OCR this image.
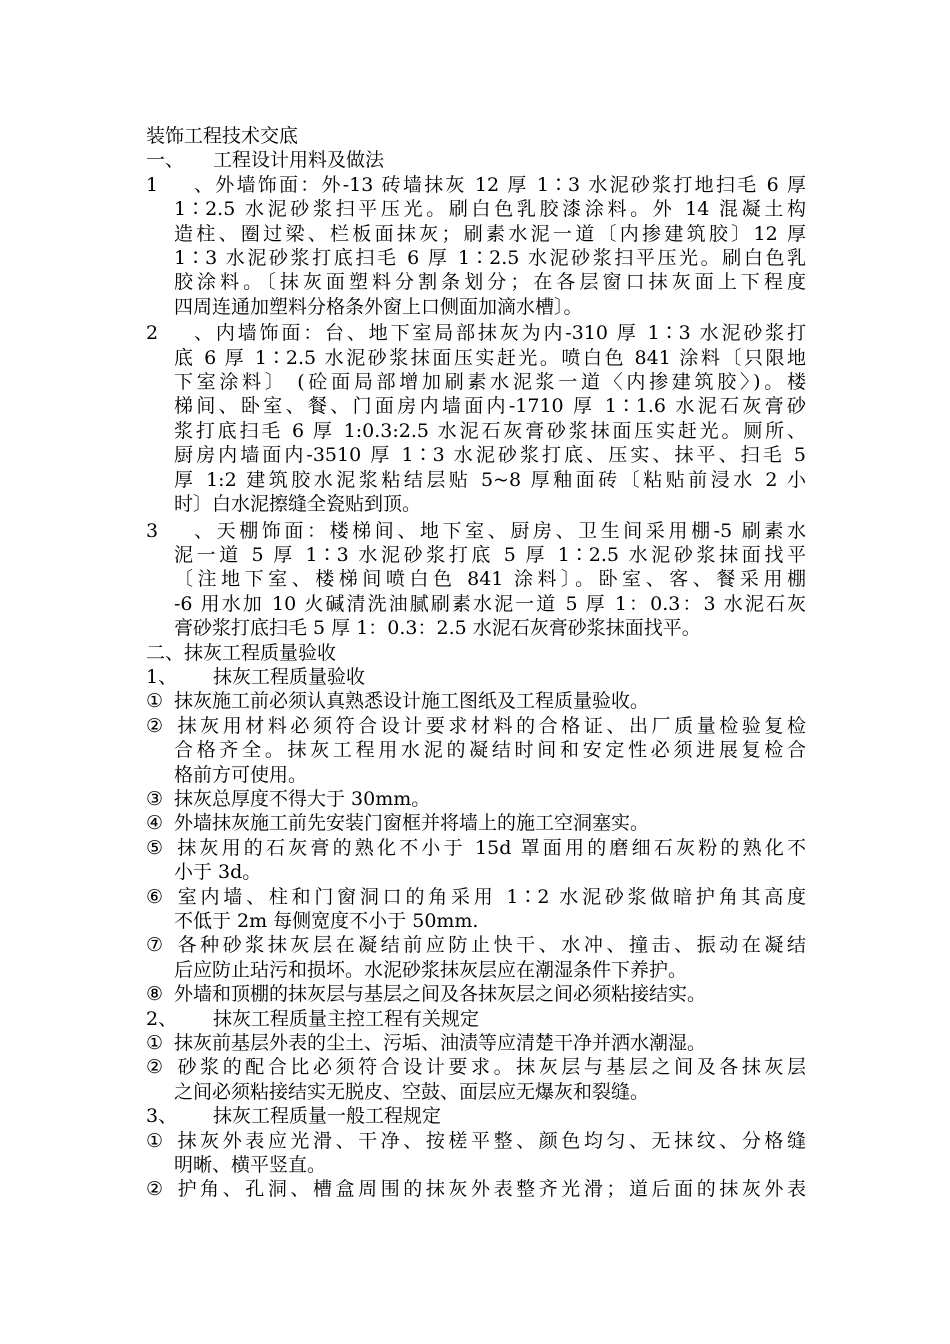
装饰工程技术交底
一、 工程设计用料及做法
1、外墙饰面：外-13 砖墙抹灰 12 厚 1∶3 水泥砂浆打地扫毛 6 厚
1∶2.5 水泥砂浆扫平压光。刷白色乳胶漆涂料。外 14 混凝土构
造柱、圈过梁、栏板面抹灰；刷素水泥一道〔内掺建筑胶〕12 厚
1∶3 水泥砂浆打底扫毛 6 厚 1∶2.5 水泥砂浆扫平压光。刷白色乳
胶涂料。〔抹灰面塑料分割条划分；在各层窗口抹灰面上下程度
四周连通加塑料分格条外窗上口侧面加滴水槽〕。
2、内墙饰面：台、地下室局部抹灰为内-310 厚 1∶3 水泥砂浆打
底 6 厚 1∶2.5 水泥砂浆抹面压实赶光。喷白色 841 涂料〔只限地
下室涂料〕 (砼面局部增加刷素水泥浆一道〈内掺建筑胶〉)。楼
梯间、卧室、餐、门面房内墙面内-1710 厚 1∶1.6 水泥石灰膏砂
浆打底扫毛 6 厚 1:0.3:2.5 水泥石灰膏砂浆抹面压实赶光。厕所、
厨房内墙面内-3510 厚 1∶3 水泥砂浆打底、压实、抹平、扫毛 5
厚 1:2 建筑胶水泥浆粘结层贴 5~8 厚釉面砖〔粘贴前浸水 2 小
时〕白水泥擦缝全瓷贴到顶。
3、天棚饰面：楼梯间、地下室、厨房、卫生间采用棚-5 刷素水
泥一道 5 厚 1∶3 水泥砂浆打底 5 厚 1∶2.5 水泥砂浆抹面找平
〔注地下室、楼梯间喷白色 841 涂料〕。卧室、客、餐采用棚
-6 用水加 10 火碱清洗油腻刷素水泥一道 5 厚 1：0.3：3 水泥石灰
膏砂浆打底扫毛 5 厚 1：0.3：2.5 水泥石灰膏砂浆抹面找平。
二、抹灰工程质量验收
1、 抹灰工程质量验收
① 抹灰施工前必须认真熟悉设计施工图纸及工程质量验收。
② 抹灰用材料必须符合设计要求材料的合格证、出厂质量检验复检
合格齐全。抹灰工程用水泥的凝结时间和安定性必须进展复检合
格前方可使用。
③ 抹灰总厚度不得大于 30mm。
④ 外墙抹灰施工前先安装门窗框并将墙上的施工空洞塞实。
⑤ 抹灰用的石灰膏的熟化不小于 15d 罩面用的磨细石灰粉的熟化不
小于 3d。
⑥ 室内墙、柱和门窗洞口的角采用 1∶2 水泥砂浆做暗护角其高度
不低于 2m 每侧宽度不小于 50mm.
⑦ 各种砂浆抹灰层在凝结前应防止快干、水冲、撞击、振动在凝结
后应防止玷污和损坏。水泥砂浆抹灰层应在潮湿条件下养护。
⑧ 外墙和顶棚的抹灰层与基层之间及各抹灰层之间必须粘接结实。
2、 抹灰工程质量主控工程有关规定
① 抹灰前基层外表的尘土、污垢、油渍等应清楚干净并洒水潮湿。
② 砂浆的配合比必须符合设计要求。抹灰层与基层之间及各抹灰层
之间必须粘接结实无脱皮、空鼓、面层应无爆灰和裂缝。
3、 抹灰工程质量一般工程规定
① 抹灰外表应光滑、干净、按槎平整、颜色均匀、无抹纹、分格缝
明晰、横平竖直。
② 护角、孔洞、槽盒周围的抹灰外表整齐光滑；道后面的抹灰外表
